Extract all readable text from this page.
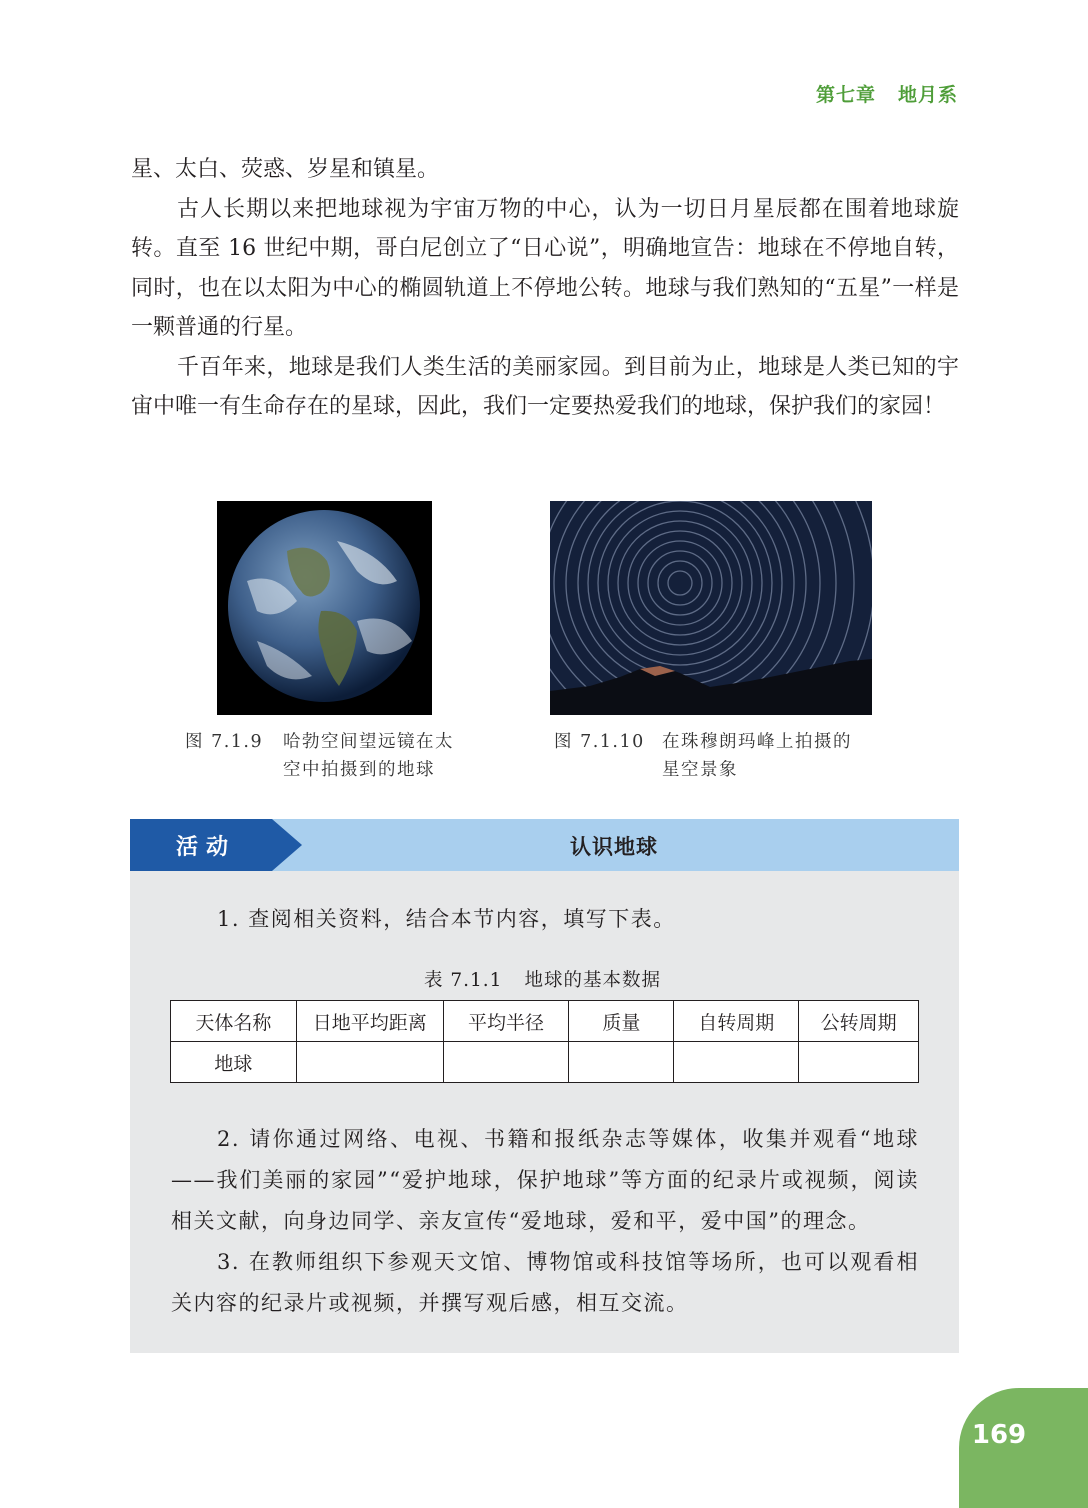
第七章 地月系

星、太白、荧惑、岁星和镇星。

古人长期以来把地球视为宇宙万物的中心，认为一切日月星辰都在围着地球旋转。直至 16 世纪中期，哥白尼创立了“日心说”，明确地宣告：地球在不停地自转，同时，也在以太阳为中心的椭圆轨道上不停地公转。地球与我们熟知的“五星”一样是一颗普通的行星。

千百年来，地球是我们人类生活的美丽家园。到目前为止，地球是人类已知的宇宙中唯一有生命存在的星球，因此，我们一定要热爱我们的地球，保护我们的家园！

图 7.1.9 哈勃空间望远镜在太
空中拍摄到的地球
图 7.1.10 在珠穆朗玛峰上拍摄的
星空景象
活动	认识地球

1. 查阅相关资料，结合本节内容，填写下表。

表 7.1.1 地球的基本数据
天体名称	日地平均距离	平均半径	质量	自转周期	公转周期
地球					

2. 请你通过网络、电视、书籍和报纸杂志等媒体，收集并观看“地球——我们美丽的家园”“爱护地球，保护地球”等方面的纪录片或视频，阅读相关文献，向身边同学、亲友宣传“爱地球，爱和平，爱中国”的理念。

3. 在教师组织下参观天文馆、博物馆或科技馆等场所，也可以观看相关内容的纪录片或视频，并撰写观后感，相互交流。

169
